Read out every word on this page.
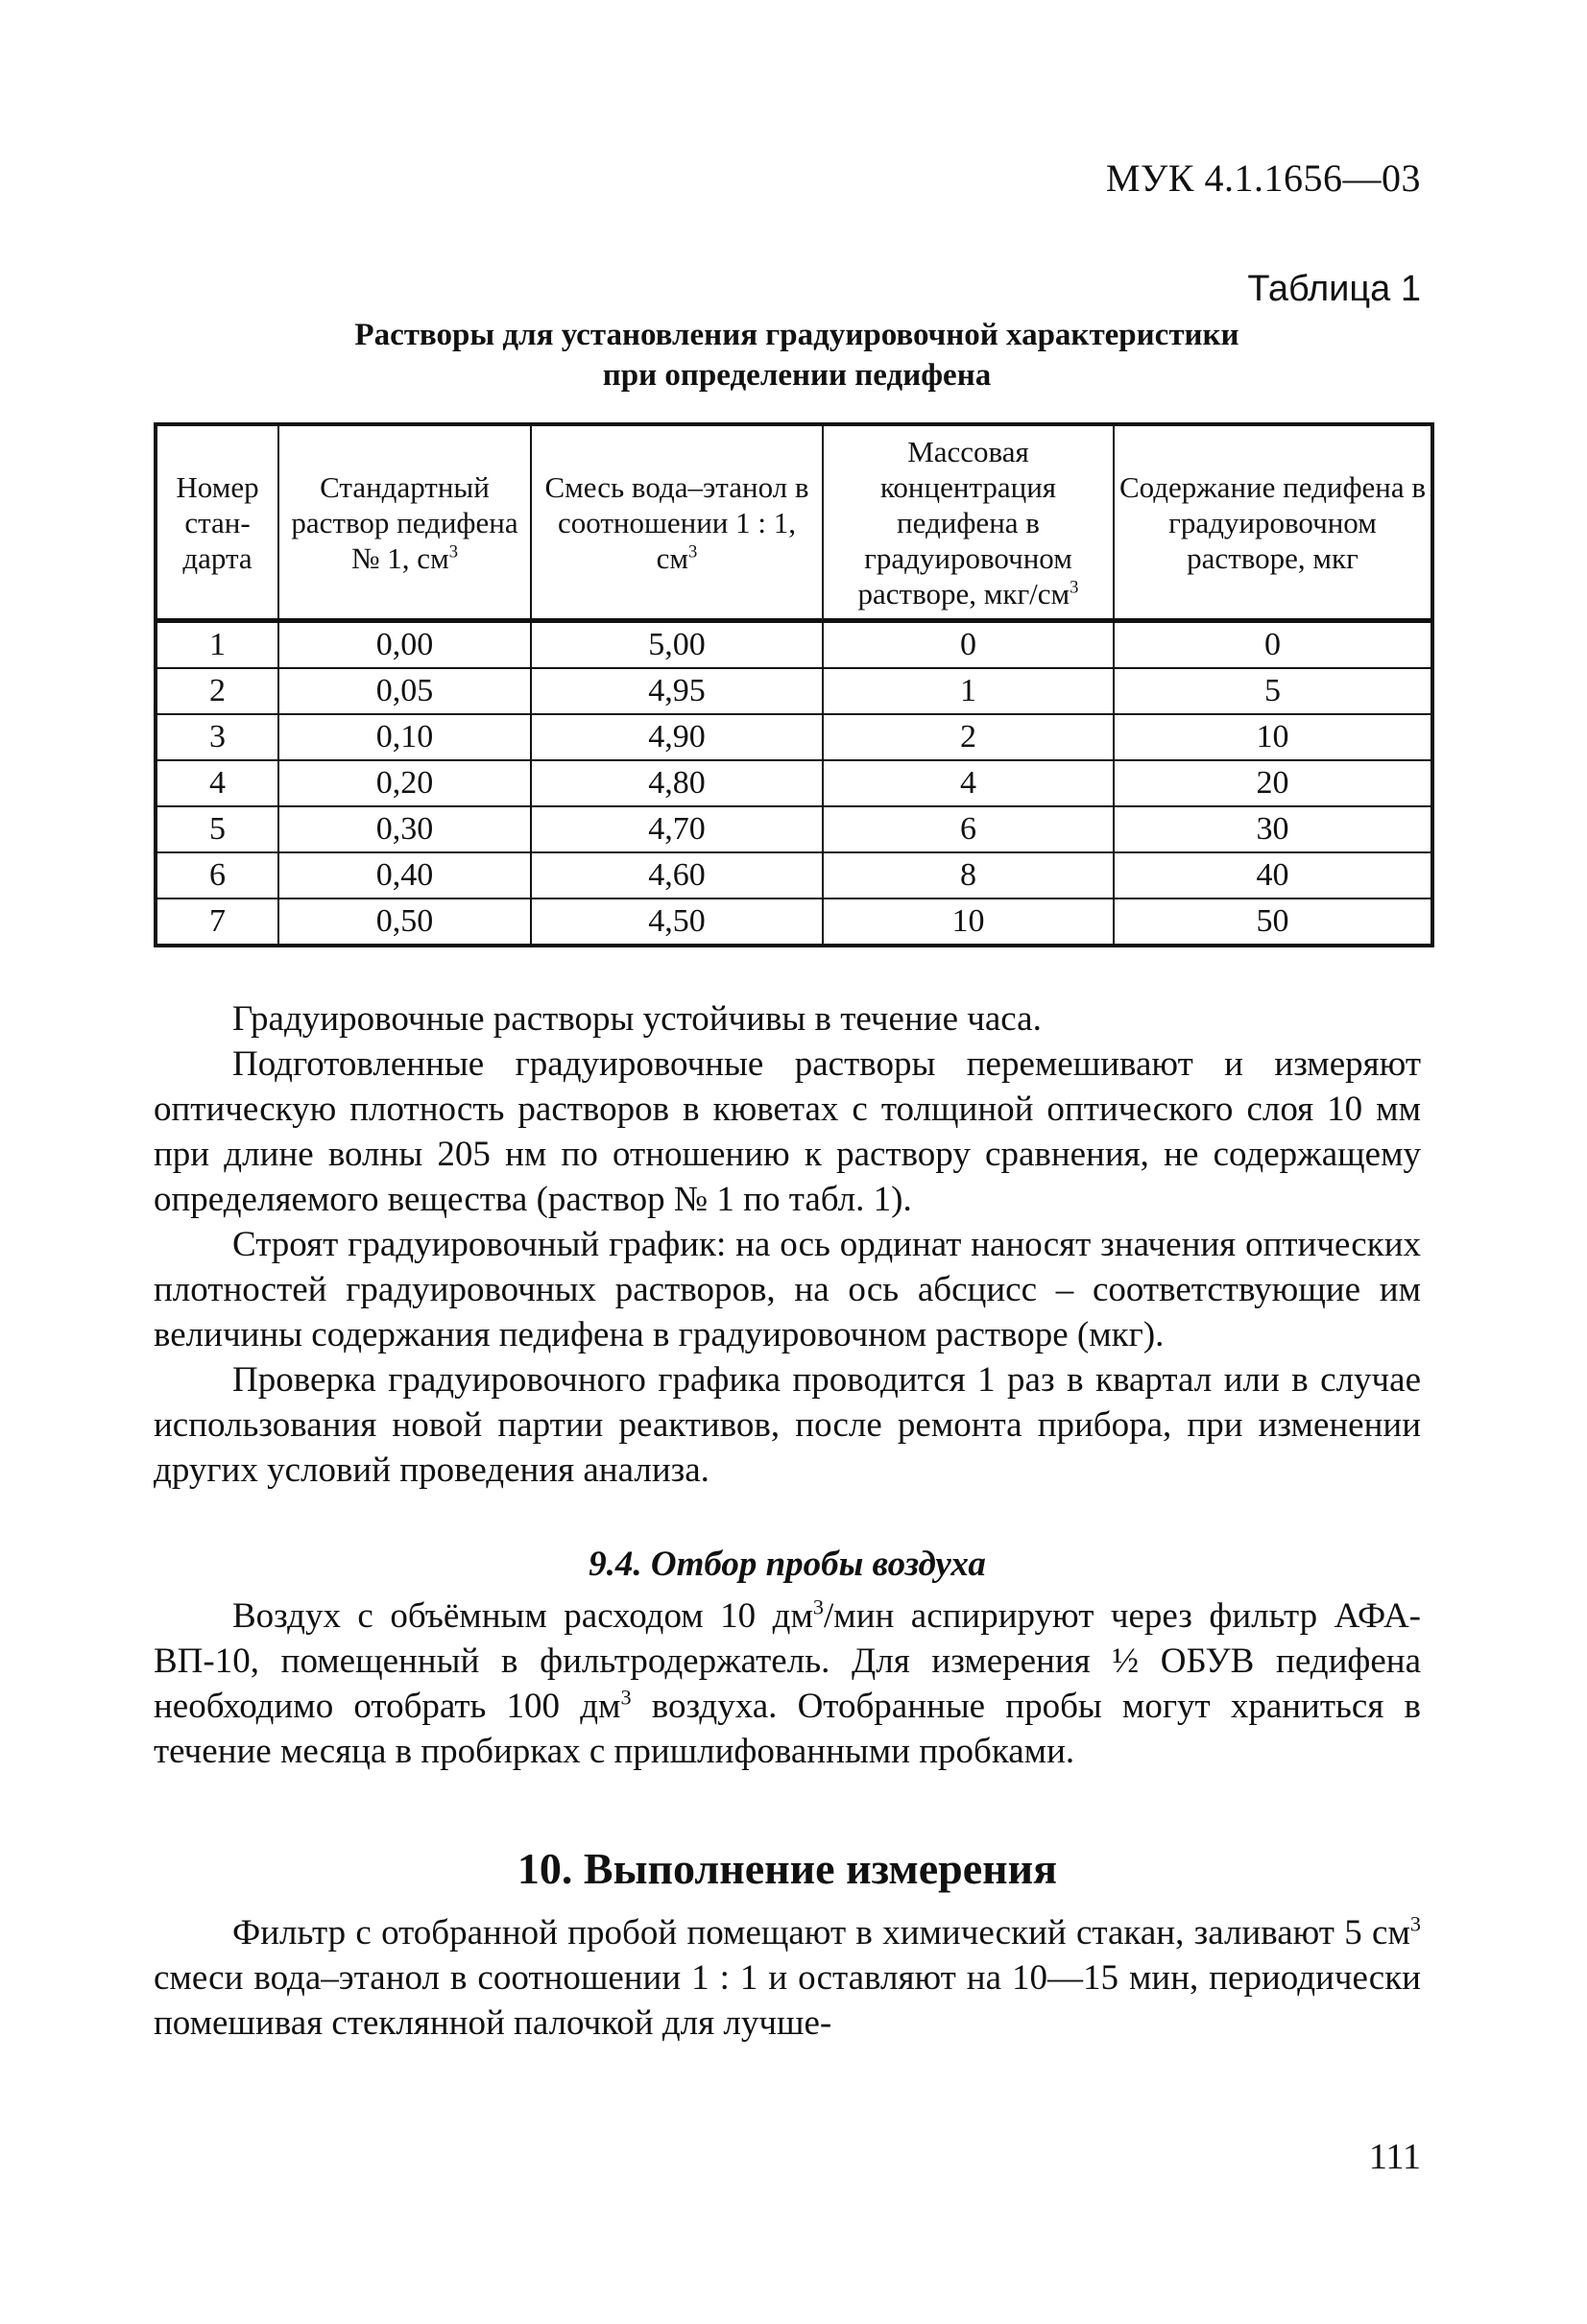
МУК 4.1.1656—03
Таблица 1
Растворы для установления градуировочной характеристики
при определении педифена
Номер стан-дарта	Стандартный раствор педифена № 1, $см^3$	Смесь вода–этанол в соотношении 1 : 1, $см^3$	Массовая концентрация педифена в градуировочном растворе, мкг/$см^3$	Содержание педифена в градуировочном растворе, мкг
1	0,00	5,00	0	0
2	0,05	4,95	1	5
3	0,10	4,90	2	10
4	0,20	4,80	4	20
5	0,30	4,70	6	30
6	0,40	4,60	8	40
7	0,50	4,50	10	50

Градуировочные растворы устойчивы в течение часа.

Подготовленные градуировочные растворы перемешивают и измеряют оптическую плотность растворов в кюветах с толщиной оптического слоя 10 мм при длине волны 205 нм по отношению к раствору сравнения, не содержащему определяемого вещества (раствор № 1 по табл. 1).

Строят градуировочный график: на ось ординат наносят значения оптических плотностей градуировочных растворов, на ось абсцисс – соответствующие им величины содержания педифена в градуировочном растворе (мкг).

Проверка градуировочного графика проводится 1 раз в квартал или в случае использования новой партии реактивов, после ремонта прибора, при изменении других условий проведения анализа.

9.4. Отбор пробы воздуха

Воздух с объёмным расходом 10 $дм^3$/мин аспирируют через фильтр АФА-ВП-10, помещенный в фильтродержатель. Для измерения ½ ОБУВ педифена необходимо отобрать 100 $дм^3$ воздуха. Отобранные пробы могут храниться в течение месяца в пробирках с пришлифованными пробками.

10. Выполнение измерения

Фильтр с отобранной пробой помещают в химический стакан, заливают 5 $см^3$ смеси вода–этанол в соотношении 1 : 1 и оставляют на 10—15 мин, периодически помешивая стеклянной палочкой для лучше-

111
